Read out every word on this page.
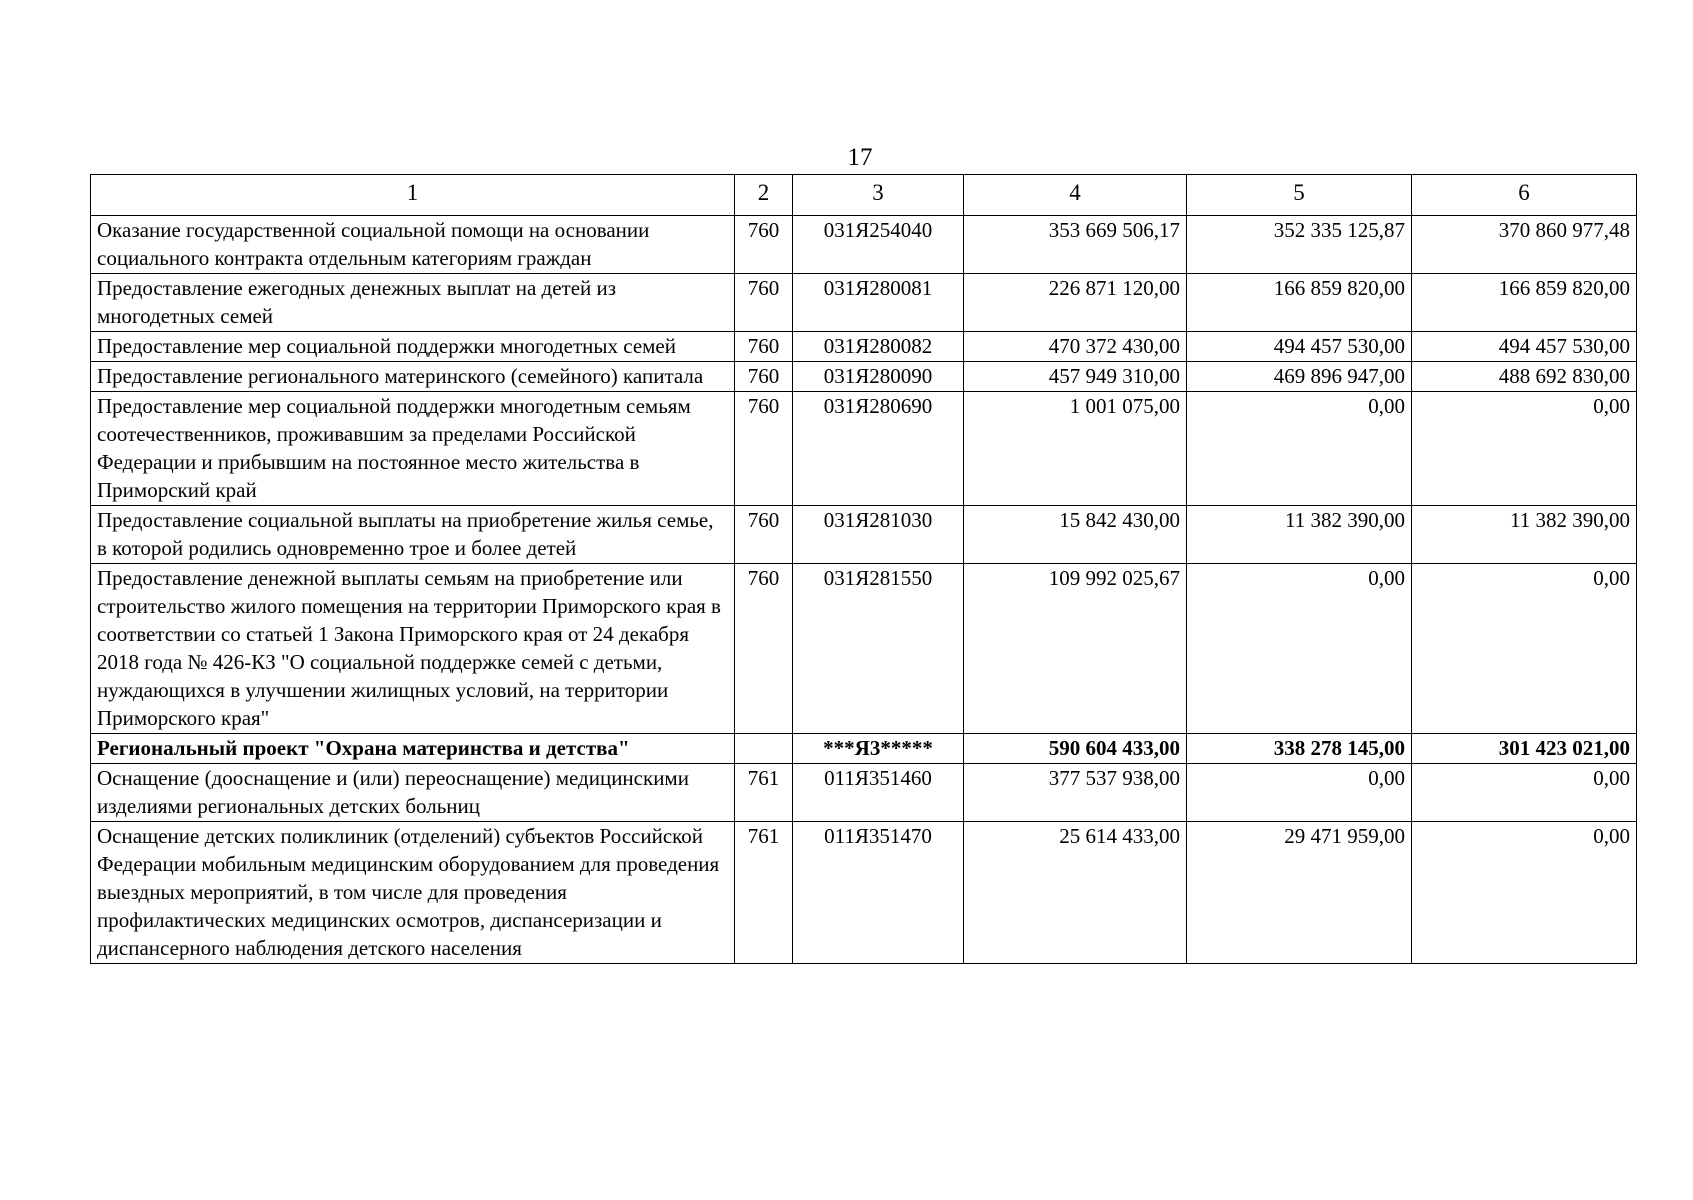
17
1	2	3	4	5	6
Оказание государственной социальной помощи на основании социального контракта отдельным категориям граждан	760	031Я254040	353 669 506,17	352 335 125,87	370 860 977,48
Предоставление ежегодных денежных выплат на детей из многодетных семей	760	031Я280081	226 871 120,00	166 859 820,00	166 859 820,00
Предоставление мер социальной поддержки многодетных семей	760	031Я280082	470 372 430,00	494 457 530,00	494 457 530,00
Предоставление регионального материнского (семейного) капитала	760	031Я280090	457 949 310,00	469 896 947,00	488 692 830,00
Предоставление мер социальной поддержки многодетным семьям соотечественников, проживавшим за пределами Российской Федерации и прибывшим на постоянное место жительства в Приморский край	760	031Я280690	1 001 075,00	0,00	0,00
Предоставление социальной выплаты на приобретение жилья семье, в которой родились одновременно трое и более детей	760	031Я281030	15 842 430,00	11 382 390,00	11 382 390,00
Предоставление денежной выплаты семьям на приобретение или строительство жилого помещения на территории Приморского края в соответствии со статьей 1 Закона Приморского края от 24 декабря 2018 года № 426-КЗ "О социальной поддержке семей с детьми, нуждающихся в улучшении жилищных условий, на территории Приморского края"	760	031Я281550	109 992 025,67	0,00	0,00
Региональный проект "Охрана материнства и детства"		***Я3*****	590 604 433,00	338 278 145,00	301 423 021,00
Оснащение (дооснащение и (или) переоснащение) медицинскими изделиями региональных детских больниц	761	011Я351460	377 537 938,00	0,00	0,00
Оснащение детских поликлиник (отделений) субъектов Российской Федерации мобильным медицинским оборудованием для проведения выездных мероприятий, в том числе для проведения профилактических медицинских осмотров, диспансеризации и диспансерного наблюдения детского населения	761	011Я351470	25 614 433,00	29 471 959,00	0,00
